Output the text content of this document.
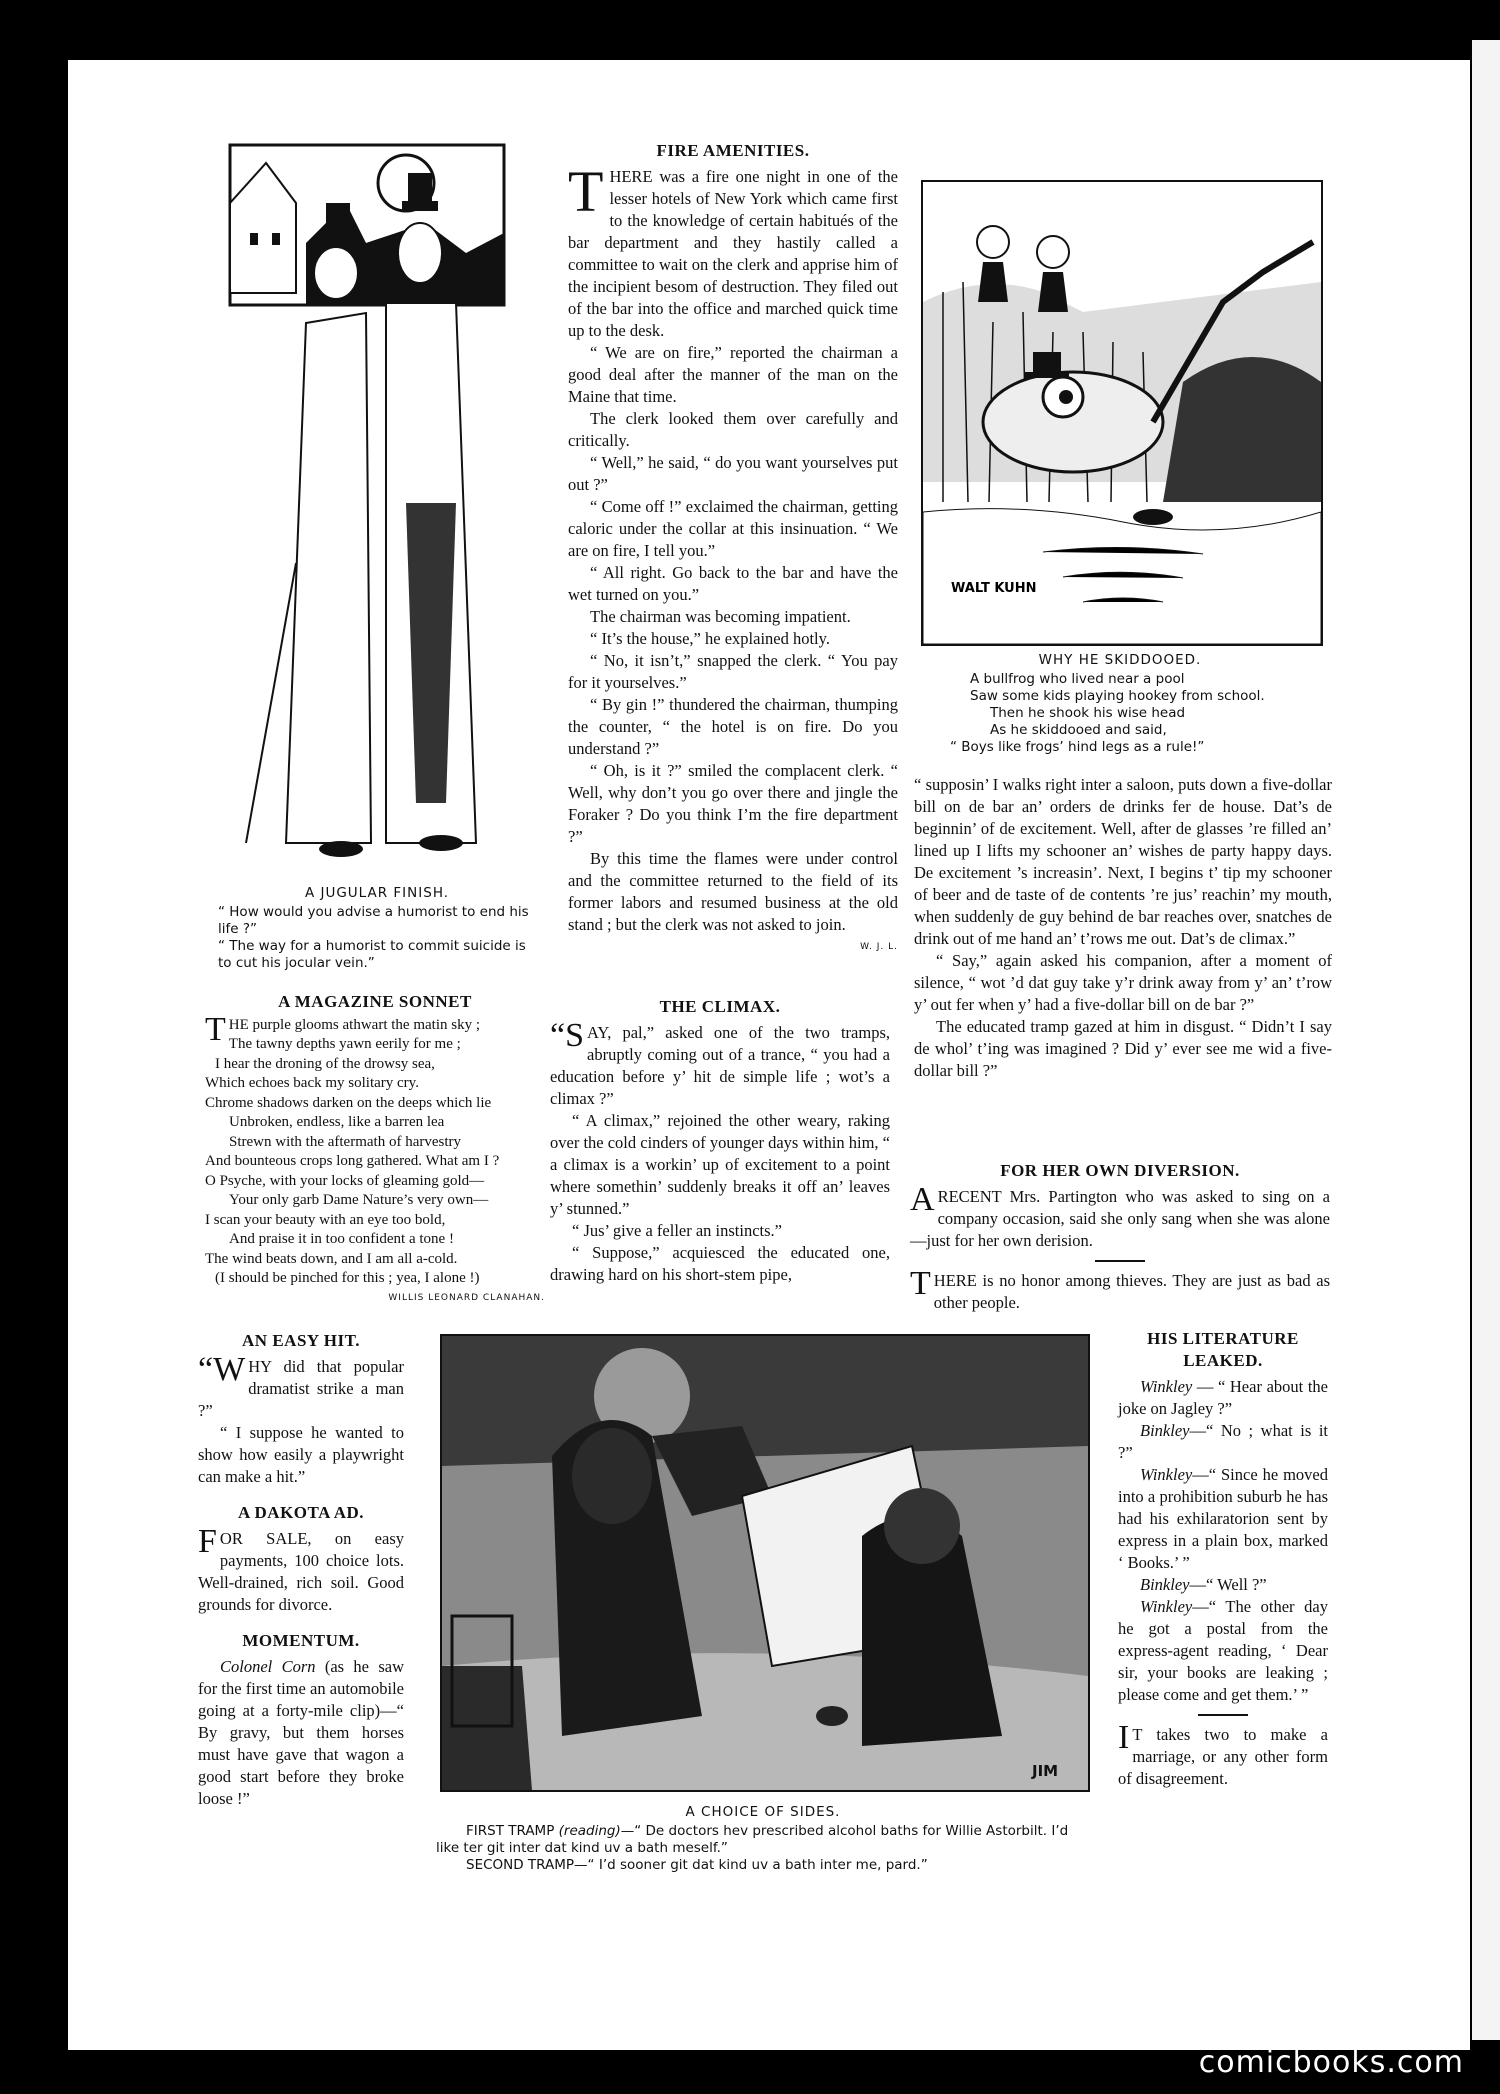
A JUGULAR FINISH.
“ How would you advise a humorist to end his life ?”
“ The way for a humorist to commit suicide is to cut his jocular vein.”
FIRE AMENITIES.

THERE was a fire one night in one of the lesser hotels of New York which came first to the knowledge of certain habitués of the bar department and they hastily called a committee to wait on the clerk and apprise him of the incipient besom of destruction. They filed out of the bar into the office and marched quick time up to the desk.

“ We are on fire,” reported the chairman a good deal after the manner of the man on the Maine that time.

The clerk looked them over carefully and critically.

“ Well,” he said, “ do you want yourselves put out ?”

“ Come off !” exclaimed the chairman, getting caloric under the collar at this insinuation. “ We are on fire, I tell you.”

“ All right. Go back to the bar and have the wet turned on you.”

The chairman was becoming impatient.

“ It’s the house,” he explained hotly.

“ No, it isn’t,” snapped the clerk. “ You pay for it yourselves.”

“ By gin !” thundered the chairman, thumping the counter, “ the hotel is on fire. Do you understand ?”

“ Oh, is it ?” smiled the complacent clerk. “ Well, why don’t you go over there and jingle the Foraker ? Do you think I’m the fire department ?”

By this time the flames were under control and the committee returned to the field of its former labors and resumed business at the old stand ; but the clerk was not asked to join.

W. J. L.
WALT KUHN
WHY HE SKIDDOOED.
A bullfrog who lived near a pool
Saw some kids playing hookey from school.
Then he shook his wise head
As he skiddooed and said,
“ Boys like frogs’ hind legs as a rule!”
A MAGAZINE SONNET

THE purple glooms athwart the matin sky ;

The tawny depths yawn eerily for me ;

I hear the droning of the drowsy sea,

Which echoes back my solitary cry.

Chrome shadows darken on the deeps which lie

Unbroken, endless, like a barren lea

Strewn with the aftermath of harvestry

And bounteous crops long gathered. What am I ?

O Psyche, with your locks of gleaming gold—

Your only garb Dame Nature’s very own—

I scan your beauty with an eye too bold,

And praise it in too confident a tone !

The wind beats down, and I am all a-cold.

(I should be pinched for this ; yea, I alone !)

WILLIS LEONARD CLANAHAN.
THE CLIMAX.

“SAY, pal,” asked one of the two tramps, abruptly coming out of a trance, “ you had a education before y’ hit de simple life ; wot’s a climax ?”

“ A climax,” rejoined the other weary, raking over the cold cinders of younger days within him, “ a climax is a workin’ up of excitement to a point where somethin’ suddenly breaks it off an’ leaves y’ stunned.”

“ Jus’ give a feller an instincts.”

“ Suppose,” acquiesced the educated one, drawing hard on his short-stem pipe,

“ supposin’ I walks right inter a saloon, puts down a five-dollar bill on de bar an’ orders de drinks fer de house. Dat’s de beginnin’ of de excitement. Well, after de glasses ’re filled an’ lined up I lifts my schooner an’ wishes de party happy days. De excitement ’s increasin’. Next, I begins t’ tip my schooner of beer and de taste of de contents ’re jus’ reachin’ my mouth, when suddenly de guy behind de bar reaches over, snatches de drink out of me hand an’ t’rows me out. Dat’s de climax.”

“ Say,” again asked his companion, after a moment of silence, “ wot ’d dat guy take y’r drink away from y’ an’ t’row y’ out fer when y’ had a five-dollar bill on de bar ?”

The educated tramp gazed at him in disgust. “ Didn’t I say de whol’ t’ing was imagined ? Did y’ ever see me wid a five-dollar bill ?”

FOR HER OWN DIVERSION.

ARECENT Mrs. Partington who was asked to sing on a company occasion, said she only sang when she was alone—just for her own derision.

THERE is no honor among thieves. They are just as bad as other people.

AN EASY HIT.

“WHY did that popular dramatist strike a man ?”

“ I suppose he wanted to show how easily a playwright can make a hit.”

A DAKOTA AD.

FOR SALE, on easy payments, 100 choice lots. Well-drained, rich soil. Good grounds for divorce.

MOMENTUM.

Colonel Corn (as he saw for the first time an automobile going at a forty-mile clip)—“ By gravy, but them horses must have gave that wagon a good start before they broke loose !”

JIM
A CHOICE OF SIDES.
FIRST TRAMP (reading)—“ De doctors hev prescribed alcohol baths for Willie Astorbilt. I’d like ter git inter dat kind uv a bath meself.”
SECOND TRAMP—“ I’d sooner git dat kind uv a bath inter me, pard.”
HIS LITERATURE LEAKED.

Winkley — “ Hear about the joke on Jagley ?”

Binkley—“ No ; what is it ?”

Winkley—“ Since he moved into a prohibition suburb he has had his exhilaratorion sent by express in a plain box, marked ‘ Books.’ ”

Binkley—“ Well ?”

Winkley—“ The other day he got a postal from the express-agent reading, ‘ Dear sir, your books are leaking ; please come and get them.’ ”

I T takes two to make a marriage, or any other form of disagreement.

comicbooks.com
